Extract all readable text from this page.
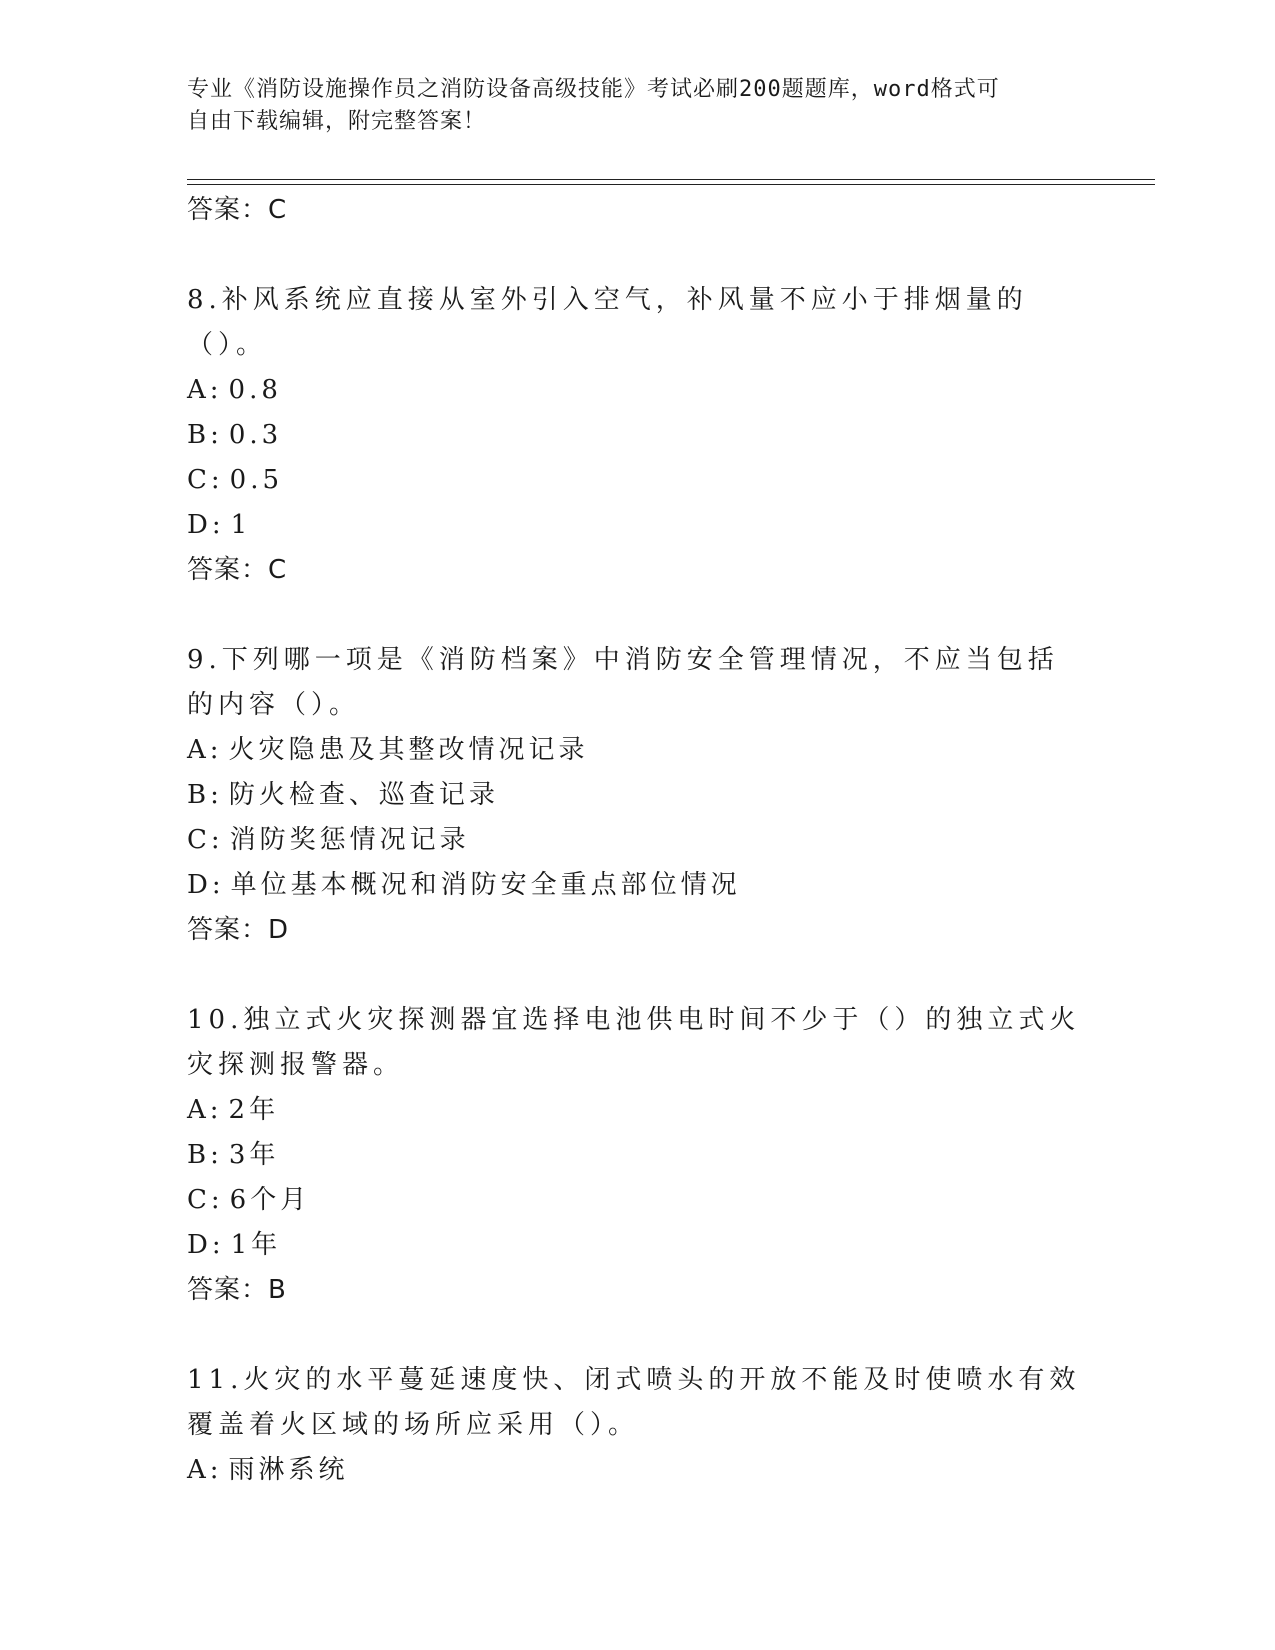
专业《消防设施操作员之消防设备高级技能》考试必刷200题题库，word格式可
自由下载编辑，附完整答案！
答案：C

8.补风系统应直接从室外引入空气，补风量不应小于排烟量的（）。

A: 0.8
B: 0.3
C: 0.5
D: 1
答案：C

9.下列哪一项是《消防档案》中消防安全管理情况，不应当包括的内容（）。

A: 火灾隐患及其整改情况记录
B: 防火检查、巡查记录
C: 消防奖惩情况记录
D: 单位基本概况和消防安全重点部位情况
答案：D

10.独立式火灾探测器宜选择电池供电时间不少于（）的独立式火灾探测报警器。

A: 2年
B: 3年
C: 6个月
D: 1年
答案：B

11.火灾的水平蔓延速度快、闭式喷头的开放不能及时使喷水有效覆盖着火区域的场所应采用（）。

A: 雨淋系统
